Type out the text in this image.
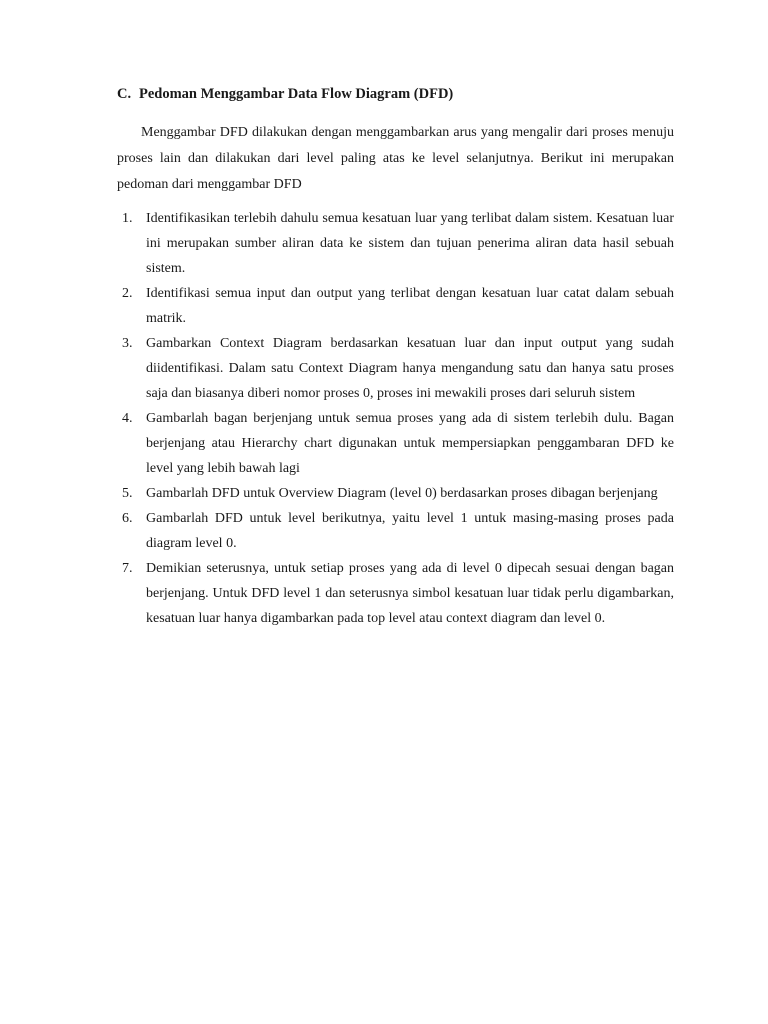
C. Pedoman Menggambar Data Flow Diagram (DFD)

Menggambar DFD dilakukan dengan menggambarkan arus yang mengalir dari proses menuju proses lain dan dilakukan dari level paling atas ke level selanjutnya. Berikut ini merupakan pedoman dari menggambar DFD

1. Identifikasikan terlebih dahulu semua kesatuan luar yang terlibat dalam sistem. Kesatuan luar ini merupakan sumber aliran data ke sistem dan tujuan penerima aliran data hasil sebuah sistem.
2. Identifikasi semua input dan output yang terlibat dengan kesatuan luar catat dalam sebuah matrik.
3. Gambarkan Context Diagram berdasarkan kesatuan luar dan input output yang sudah diidentifikasi. Dalam satu Context Diagram hanya mengandung satu dan hanya satu proses saja dan biasanya diberi nomor proses 0, proses ini mewakili proses dari seluruh sistem
4. Gambarlah bagan berjenjang untuk semua proses yang ada di sistem terlebih dulu. Bagan berjenjang atau Hierarchy chart digunakan untuk mempersiapkan penggambaran DFD ke level yang lebih bawah lagi
5. Gambarlah DFD untuk Overview Diagram (level 0) berdasarkan proses dibagan berjenjang
6. Gambarlah DFD untuk level berikutnya, yaitu level 1 untuk masing-masing proses pada diagram level 0.
7. Demikian seterusnya, untuk setiap proses yang ada di level 0 dipecah sesuai dengan bagan berjenjang. Untuk DFD level 1 dan seterusnya simbol kesatuan luar tidak perlu digambarkan, kesatuan luar hanya digambarkan pada top level atau context diagram dan level 0.
